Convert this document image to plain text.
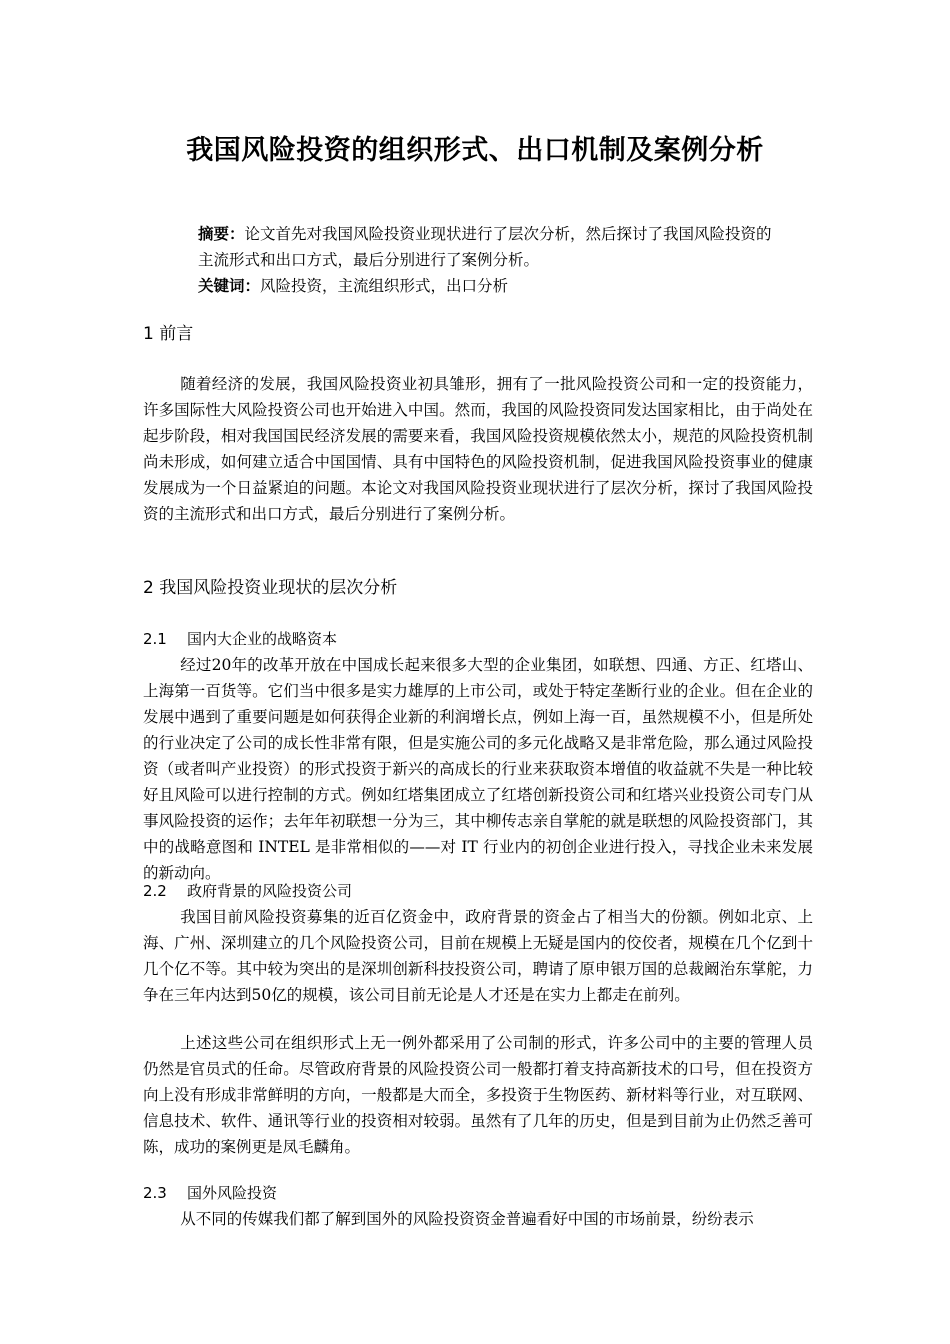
我国风险投资的组织形式、出口机制及案例分析

摘要：论文首先对我国风险投资业现状进行了层次分析，然后探讨了我国风险投资的主流形式和出口方式，最后分别进行了案例分析。

关键词：风险投资，主流组织形式，出口分析

1 前言

随着经济的发展，我国风险投资业初具雏形，拥有了一批风险投资公司和一定的投资能力，许多国际性大风险投资公司也开始进入中国。然而，我国的风险投资同发达国家相比，由于尚处在起步阶段，相对我国国民经济发展的需要来看，我国风险投资规模依然太小，规范的风险投资机制尚未形成，如何建立适合中国国情、具有中国特色的风险投资机制，促进我国风险投资事业的健康发展成为一个日益紧迫的问题。本论文对我国风险投资业现状进行了层次分析，探讨了我国风险投资的主流形式和出口方式，最后分别进行了案例分析。

2 我国风险投资业现状的层次分析
2.1 国内大企业的战略资本

经过20年的改革开放在中国成长起来很多大型的企业集团，如联想、四通、方正、红塔山、上海第一百货等。它们当中很多是实力雄厚的上市公司，或处于特定垄断行业的企业。但在企业的发展中遇到了重要问题是如何获得企业新的利润增长点，例如上海一百，虽然规模不小，但是所处的行业决定了公司的成长性非常有限，但是实施公司的多元化战略又是非常危险，那么通过风险投资（或者叫产业投资）的形式投资于新兴的高成长的行业来获取资本增值的收益就不失是一种比较好且风险可以进行控制的方式。例如红塔集团成立了红塔创新投资公司和红塔兴业投资公司专门从事风险投资的运作；去年年初联想一分为三，其中柳传志亲自掌舵的就是联想的风险投资部门，其中的战略意图和 INTEL 是非常相似的——对 IT 行业内的初创企业进行投入，寻找企业未来发展的新动向。

2.2 政府背景的风险投资公司

我国目前风险投资募集的近百亿资金中，政府背景的资金占了相当大的份额。例如北京、上海、广州、深圳建立的几个风险投资公司，目前在规模上无疑是国内的佼佼者，规模在几个亿到十几个亿不等。其中较为突出的是深圳创新科技投资公司，聘请了原申银万国的总裁阚治东掌舵，力争在三年内达到50亿的规模，该公司目前无论是人才还是在实力上都走在前列。

上述这些公司在组织形式上无一例外都采用了公司制的形式，许多公司中的主要的管理人员仍然是官员式的任命。尽管政府背景的风险投资公司一般都打着支持高新技术的口号，但在投资方向上没有形成非常鲜明的方向，一般都是大而全，多投资于生物医药、新材料等行业，对互联网、信息技术、软件、通讯等行业的投资相对较弱。虽然有了几年的历史，但是到目前为止仍然乏善可陈，成功的案例更是凤毛麟角。

2.3 国外风险投资

从不同的传媒我们都了解到国外的风险投资资金普遍看好中国的市场前景，纷纷表示
